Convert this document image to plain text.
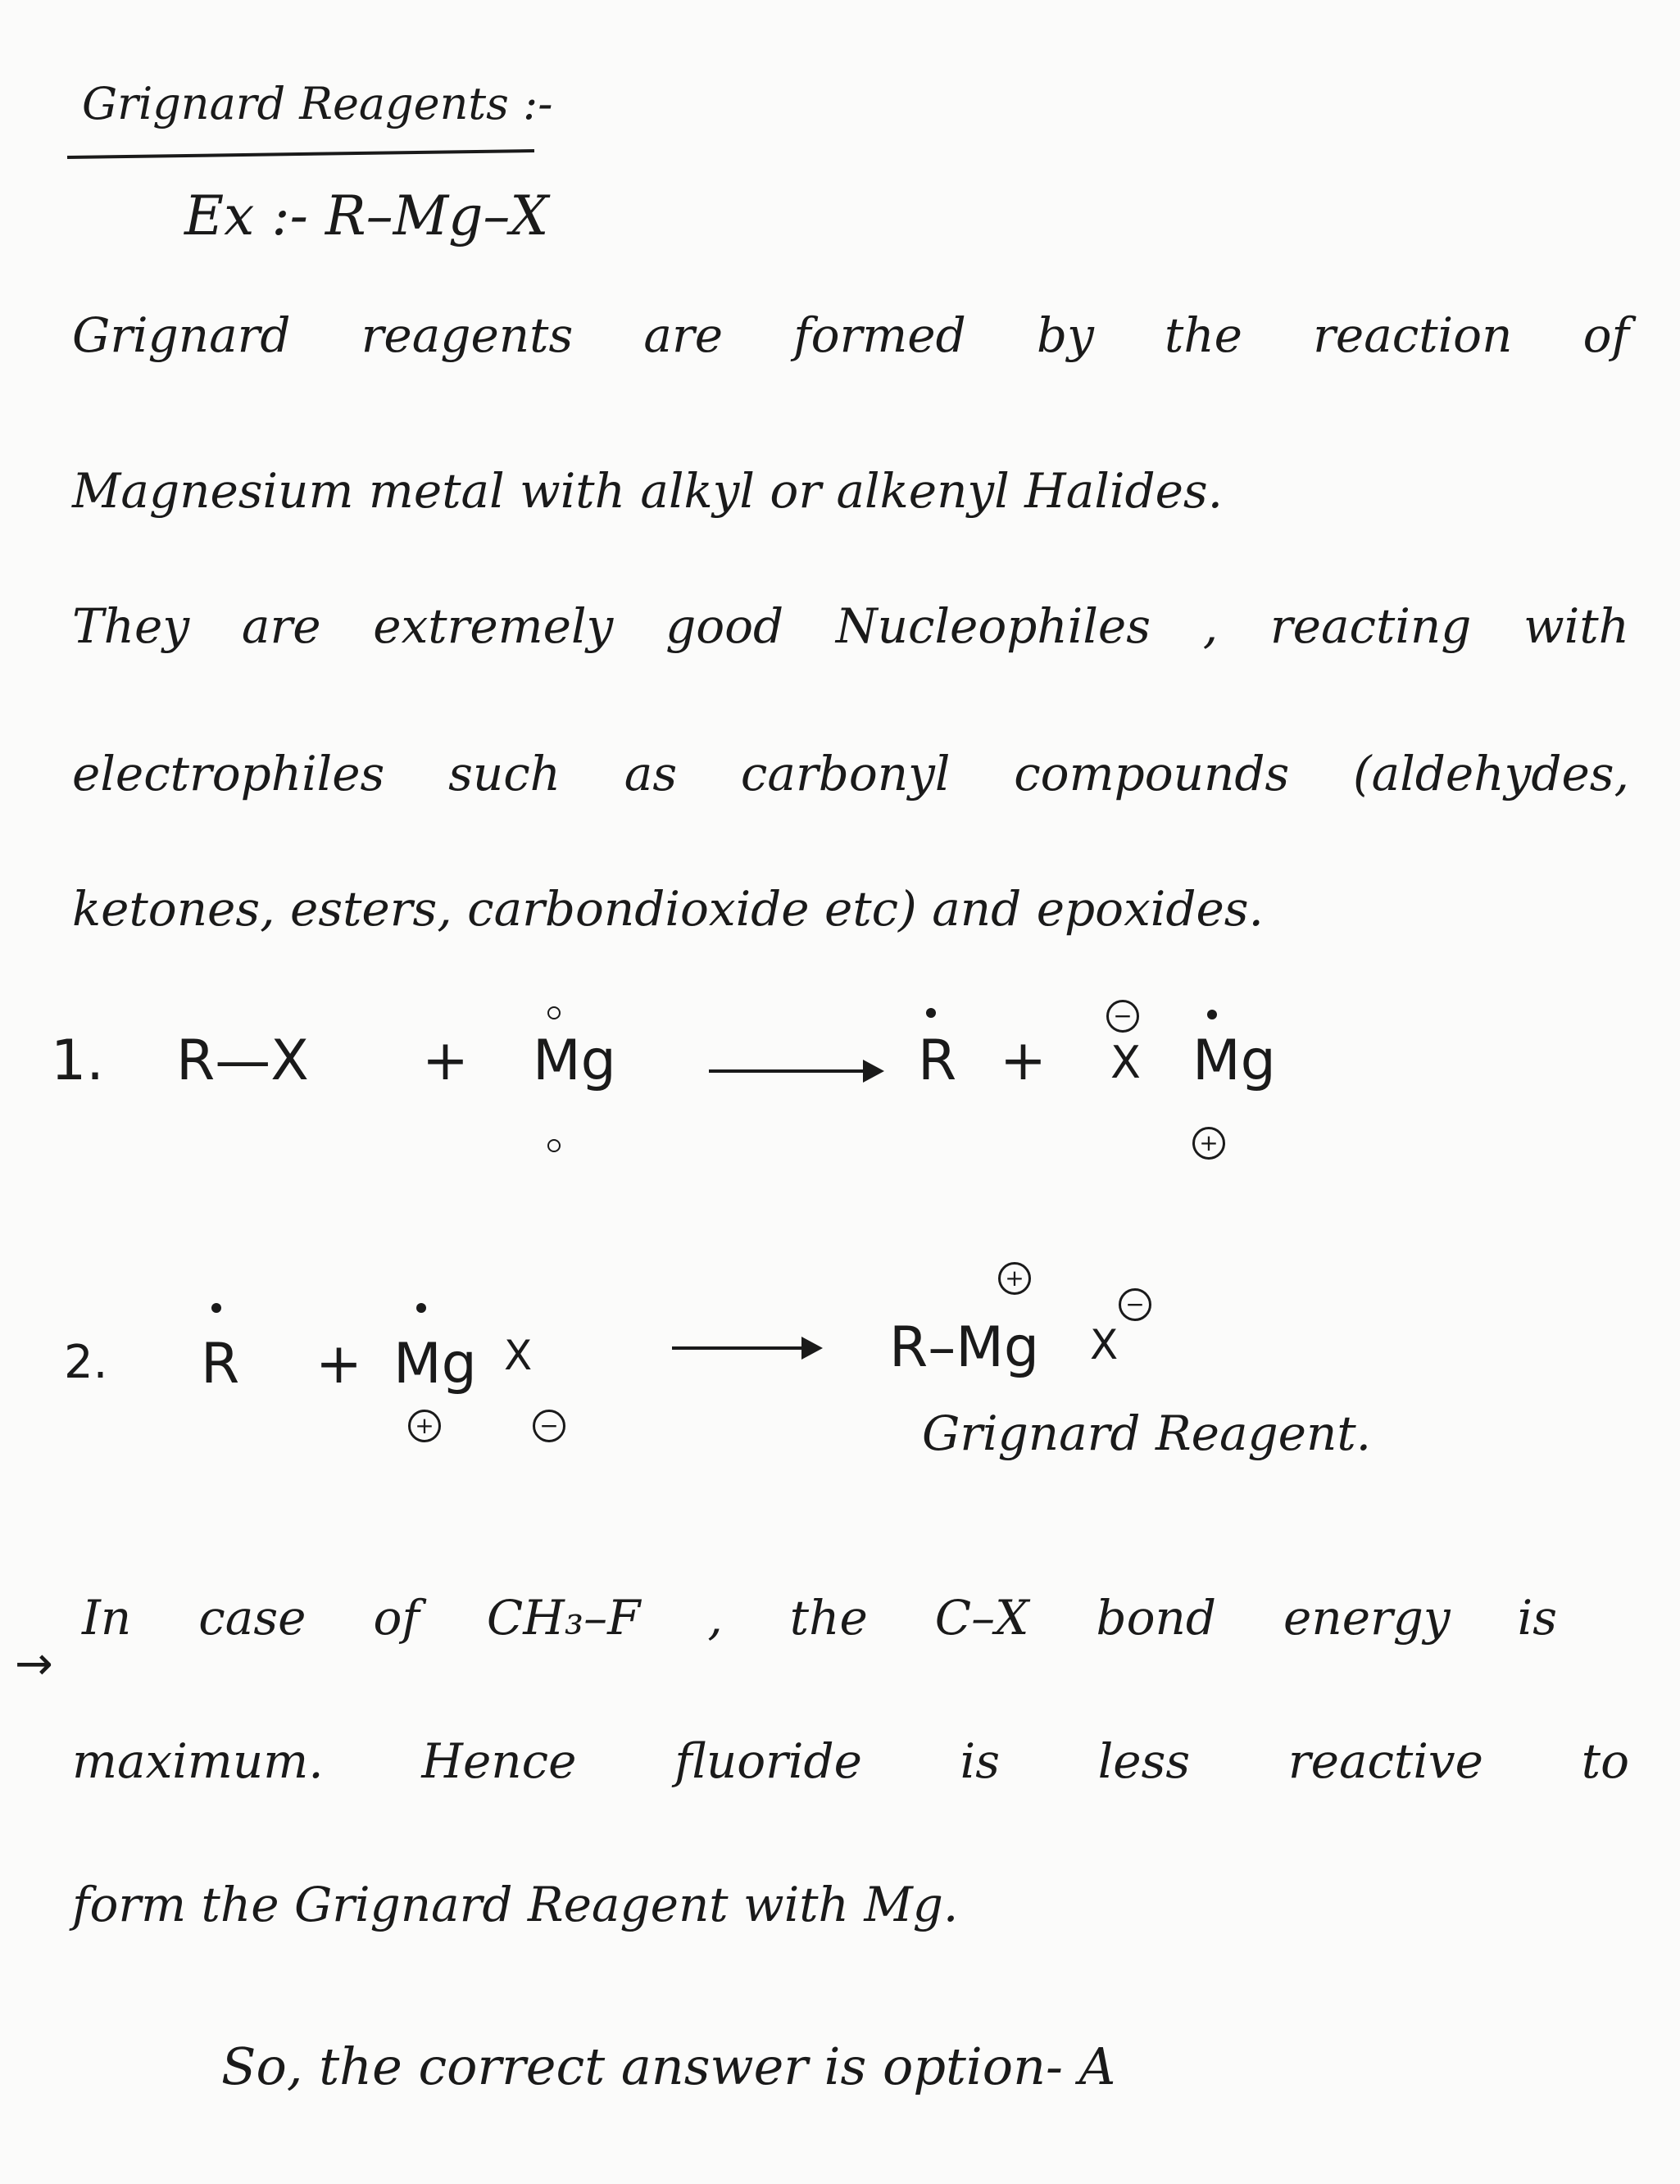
Grignard Reagents :-
Ex :- R–Mg–X
Grignard reagents are formed by the reaction of
Magnesium metal with alkyl or alkenyl Halides.
They are extremely good Nucleophiles , reacting with
electrophiles such as carbonyl compounds (aldehydes,
ketones, esters, carbondioxide etc) and epoxides.
1. R—X + Mg	R + X
−
Mg
+
2. R + Mg
+
X
−
R–Mg
+
X
−
Grignard Reagent.
→
In case of CH₃–F , the C–X bond energy is
maximum. Hence fluoride is less reactive to
form the Grignard Reagent with Mg.
So, the correct answer is option- A
